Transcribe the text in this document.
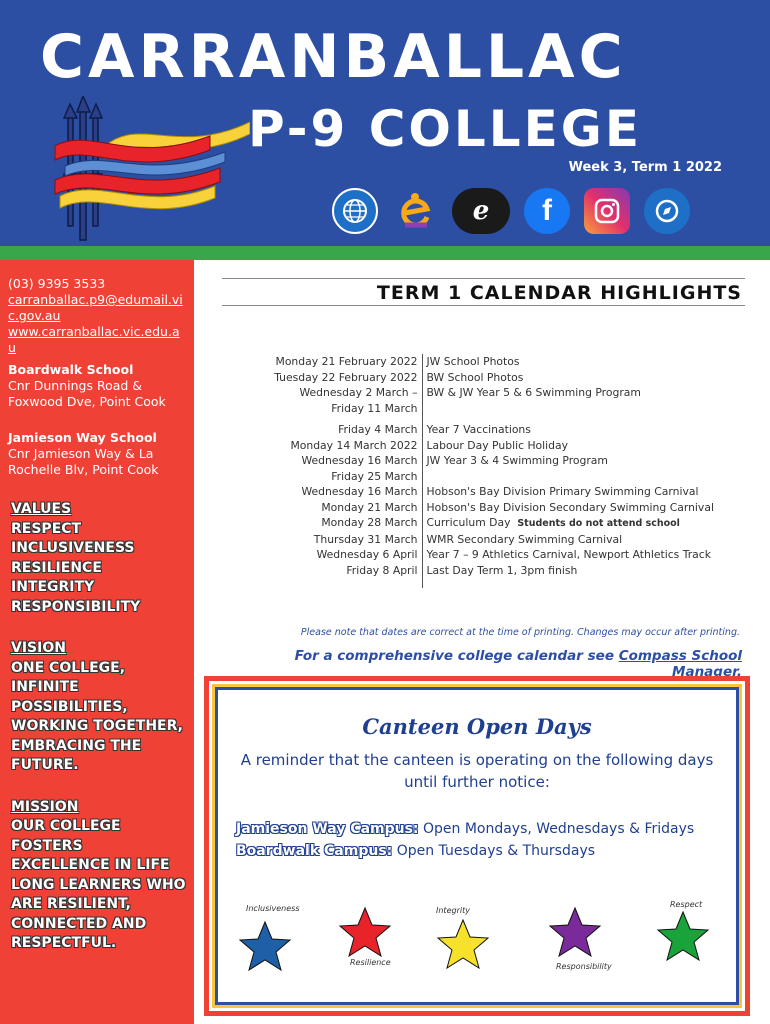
CARRANBALLAC
P-9 COLLEGE
Week 3, Term 1 2022
e f
(03) 9395 3533
carranballac.p9@edumail.vic.gov.au
www.carranballac.vic.edu.au
Boardwalk School
Cnr Dunnings Road & Foxwood Dve, Point Cook
Jamieson Way School
Cnr Jamieson Way & La Rochelle Blv, Point Cook
VALUES
RESPECT
INCLUSIVENESS
RESILIENCE
INTEGRITY
RESPONSIBILITY
VISION
ONE COLLEGE, INFINITE POSSIBILITIES, WORKING TOGETHER, EMBRACING THE FUTURE.
MISSION
OUR COLLEGE FOSTERS EXCELLENCE IN LIFE LONG LEARNERS WHO ARE RESILIENT, CONNECTED AND RESPECTFUL.
TERM 1 CALENDAR HIGHLIGHTS
Monday 21 February 2022	JW School Photos
Tuesday 22 February 2022	BW School Photos
Wednesday 2 March –	BW & JW Year 5 & 6 Swimming Program
Friday 11 March	
Friday 4 March	Year 7 Vaccinations
Monday 14 March 2022	Labour Day Public Holiday
Wednesday 16 March	JW Year 3 & 4 Swimming Program
Friday 25 March	
Wednesday 16 March	Hobson's Bay Division Primary Swimming Carnival
Monday 21 March	Hobson's Bay Division Secondary Swimming Carnival
Monday 28 March	Curriculum Day Students do not attend school
Thursday 31 March	WMR Secondary Swimming Carnival
Wednesday 6 April	Year 7 – 9 Athletics Carnival, Newport Athletics Track
Friday 8 April	Last Day Term 1, 3pm finish
Please note that dates are correct at the time of printing. Changes may occur after printing.
For a comprehensive college calendar see Compass School Manager.
Canteen Open Days
A reminder that the canteen is operating on the following days until further notice:
Jamieson Way Campus: Open Mondays, Wednesdays & Fridays
Boardwalk Campus: Open Tuesdays & Thursdays
Inclusiveness
Resilience
Integrity
Responsibility
Respect
